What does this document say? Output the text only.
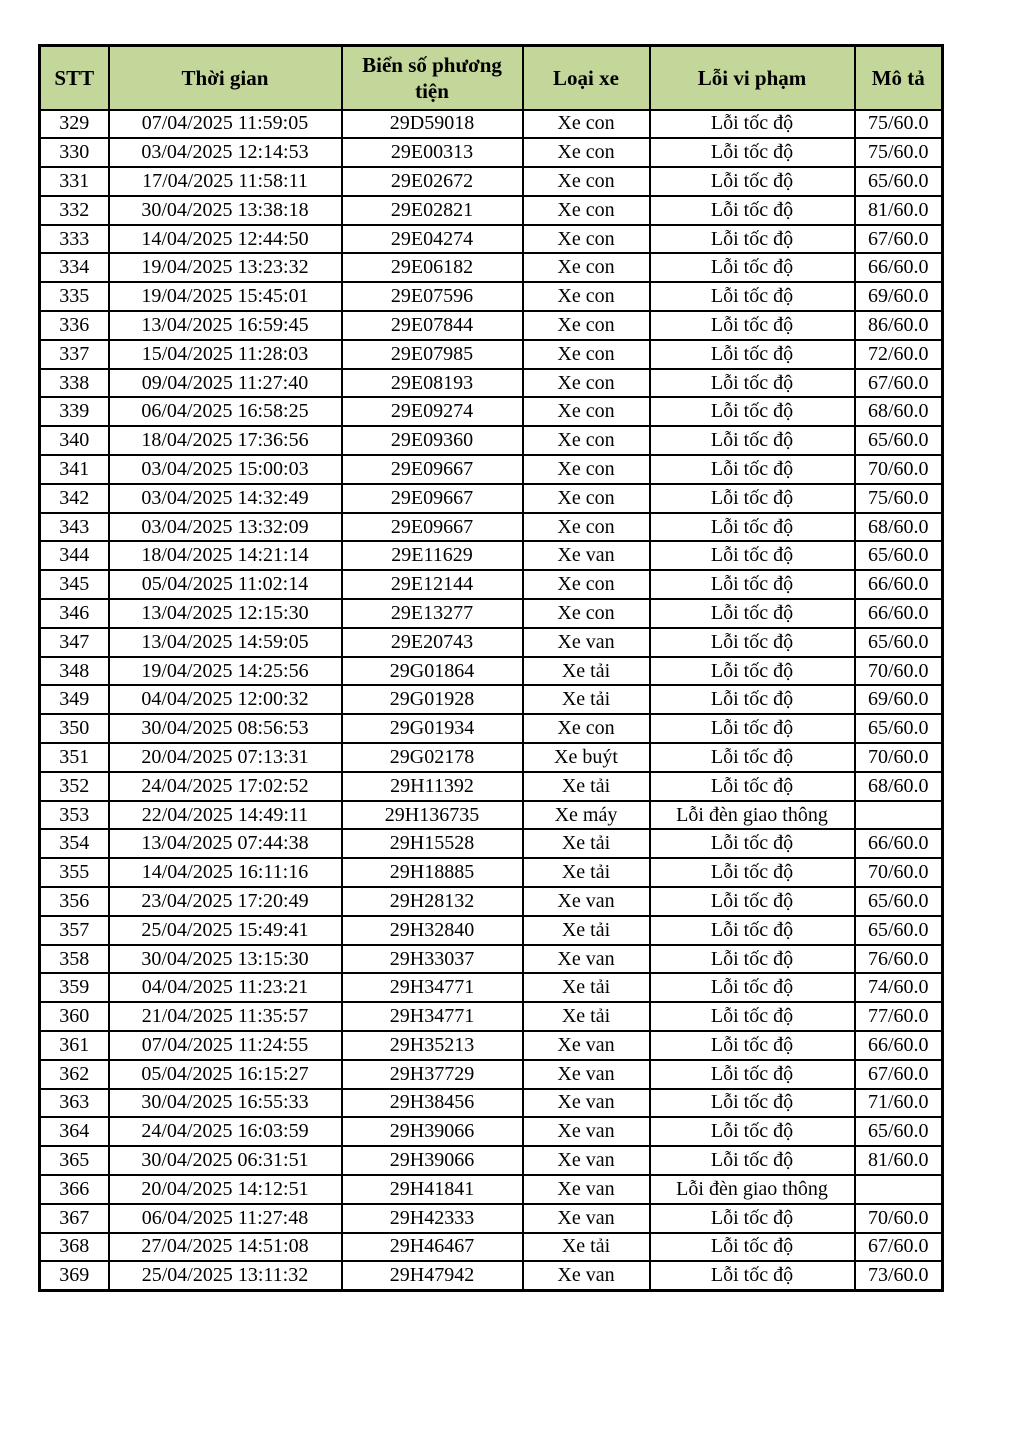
STT	Thời gian	Biển số phương tiện	Loại xe	Lỗi vi phạm	Mô tả
329	07/04/2025 11:59:05	29D59018	Xe con	Lỗi tốc độ	75/60.0
330	03/04/2025 12:14:53	29E00313	Xe con	Lỗi tốc độ	75/60.0
331	17/04/2025 11:58:11	29E02672	Xe con	Lỗi tốc độ	65/60.0
332	30/04/2025 13:38:18	29E02821	Xe con	Lỗi tốc độ	81/60.0
333	14/04/2025 12:44:50	29E04274	Xe con	Lỗi tốc độ	67/60.0
334	19/04/2025 13:23:32	29E06182	Xe con	Lỗi tốc độ	66/60.0
335	19/04/2025 15:45:01	29E07596	Xe con	Lỗi tốc độ	69/60.0
336	13/04/2025 16:59:45	29E07844	Xe con	Lỗi tốc độ	86/60.0
337	15/04/2025 11:28:03	29E07985	Xe con	Lỗi tốc độ	72/60.0
338	09/04/2025 11:27:40	29E08193	Xe con	Lỗi tốc độ	67/60.0
339	06/04/2025 16:58:25	29E09274	Xe con	Lỗi tốc độ	68/60.0
340	18/04/2025 17:36:56	29E09360	Xe con	Lỗi tốc độ	65/60.0
341	03/04/2025 15:00:03	29E09667	Xe con	Lỗi tốc độ	70/60.0
342	03/04/2025 14:32:49	29E09667	Xe con	Lỗi tốc độ	75/60.0
343	03/04/2025 13:32:09	29E09667	Xe con	Lỗi tốc độ	68/60.0
344	18/04/2025 14:21:14	29E11629	Xe van	Lỗi tốc độ	65/60.0
345	05/04/2025 11:02:14	29E12144	Xe con	Lỗi tốc độ	66/60.0
346	13/04/2025 12:15:30	29E13277	Xe con	Lỗi tốc độ	66/60.0
347	13/04/2025 14:59:05	29E20743	Xe van	Lỗi tốc độ	65/60.0
348	19/04/2025 14:25:56	29G01864	Xe tải	Lỗi tốc độ	70/60.0
349	04/04/2025 12:00:32	29G01928	Xe tải	Lỗi tốc độ	69/60.0
350	30/04/2025 08:56:53	29G01934	Xe con	Lỗi tốc độ	65/60.0
351	20/04/2025 07:13:31	29G02178	Xe buýt	Lỗi tốc độ	70/60.0
352	24/04/2025 17:02:52	29H11392	Xe tải	Lỗi tốc độ	68/60.0
353	22/04/2025 14:49:11	29H136735	Xe máy	Lỗi đèn giao thông	
354	13/04/2025 07:44:38	29H15528	Xe tải	Lỗi tốc độ	66/60.0
355	14/04/2025 16:11:16	29H18885	Xe tải	Lỗi tốc độ	70/60.0
356	23/04/2025 17:20:49	29H28132	Xe van	Lỗi tốc độ	65/60.0
357	25/04/2025 15:49:41	29H32840	Xe tải	Lỗi tốc độ	65/60.0
358	30/04/2025 13:15:30	29H33037	Xe van	Lỗi tốc độ	76/60.0
359	04/04/2025 11:23:21	29H34771	Xe tải	Lỗi tốc độ	74/60.0
360	21/04/2025 11:35:57	29H34771	Xe tải	Lỗi tốc độ	77/60.0
361	07/04/2025 11:24:55	29H35213	Xe van	Lỗi tốc độ	66/60.0
362	05/04/2025 16:15:27	29H37729	Xe van	Lỗi tốc độ	67/60.0
363	30/04/2025 16:55:33	29H38456	Xe van	Lỗi tốc độ	71/60.0
364	24/04/2025 16:03:59	29H39066	Xe van	Lỗi tốc độ	65/60.0
365	30/04/2025 06:31:51	29H39066	Xe van	Lỗi tốc độ	81/60.0
366	20/04/2025 14:12:51	29H41841	Xe van	Lỗi đèn giao thông	
367	06/04/2025 11:27:48	29H42333	Xe van	Lỗi tốc độ	70/60.0
368	27/04/2025 14:51:08	29H46467	Xe tải	Lỗi tốc độ	67/60.0
369	25/04/2025 13:11:32	29H47942	Xe van	Lỗi tốc độ	73/60.0
